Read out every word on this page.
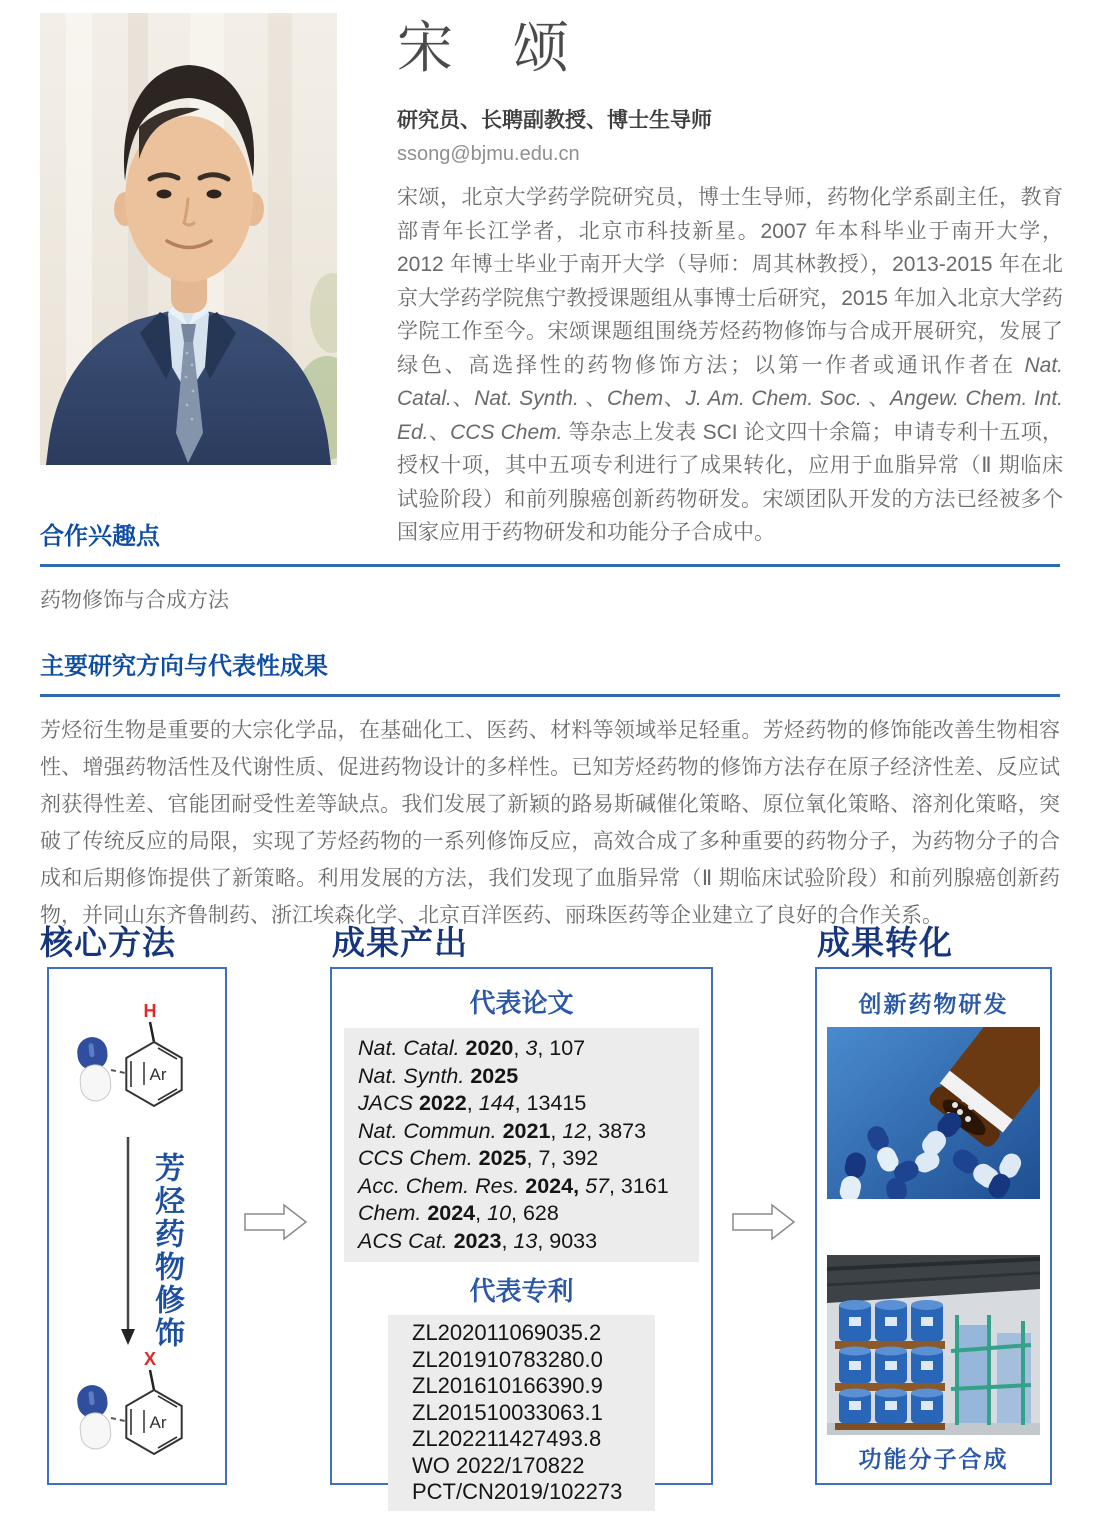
宋　颂
研究员、长聘副教授、博士生导师
ssong@bjmu.edu.cn
宋颂，北京大学药学院研究员，博士生导师，药物化学系副主任，教育部青年长江学者，北京市科技新星。2007 年本科毕业于南开大学，2012 年博士毕业于南开大学（导师：周其林教授），2013-2015 年在北京大学药学院焦宁教授课题组从事博士后研究，2015 年加入北京大学药学院工作至今。宋颂课题组围绕芳烃药物修饰与合成开展研究，发展了绿色、高选择性的药物修饰方法；以第一作者或通讯作者在 Nat. Catal.、Nat. Synth. 、Chem、J. Am. Chem. Soc. 、Angew. Chem. Int. Ed.、CCS Chem. 等杂志上发表 SCI 论文四十余篇；申请专利十五项，授权十项，其中五项专利进行了成果转化，应用于血脂异常（Ⅱ 期临床试验阶段）和前列腺癌创新药物研发。宋颂团队开发的方法已经被多个国家应用于药物研发和功能分子合成中。
合作兴趣点
药物修饰与合成方法
主要研究方向与代表性成果
芳烃衍生物是重要的大宗化学品，在基础化工、医药、材料等领域举足轻重。芳烃药物的修饰能改善生物相容性、增强药物活性及代谢性质、促进药物设计的多样性。已知芳烃药物的修饰方法存在原子经济性差、反应试剂获得性差、官能团耐受性差等缺点。我们发展了新颖的路易斯碱催化策略、原位氧化策略、溶剂化策略，突破了传统反应的局限，实现了芳烃药物的一系列修饰反应，高效合成了多种重要的药物分子，为药物分子的合成和后期修饰提供了新策略。利用发展的方法，我们发现了血脂异常（Ⅱ 期临床试验阶段）和前列腺癌创新药物，并同山东齐鲁制药、浙江埃森化学、北京百洋医药、丽珠医药等企业建立了良好的合作关系。
核心方法	成果产出	成果转化
H
Ar
芳烃药物修饰
X
Ar
代表论文
Nat. Catal. 2020, 3, 107
Nat. Synth. 2025
JACS 2022, 144, 13415
Nat. Commun. 2021, 12, 3873
CCS Chem. 2025, 7, 392
Acc. Chem. Res. 2024, 57, 3161
Chem. 2024, 10, 628
ACS Cat. 2023, 13, 9033
代表专利
ZL202011069035.2
ZL201910783280.0
ZL201610166390.9
ZL201510033063.1
ZL202211427493.8
WO 2022/170822
PCT/CN2019/102273
创新药物研发
功能分子合成
